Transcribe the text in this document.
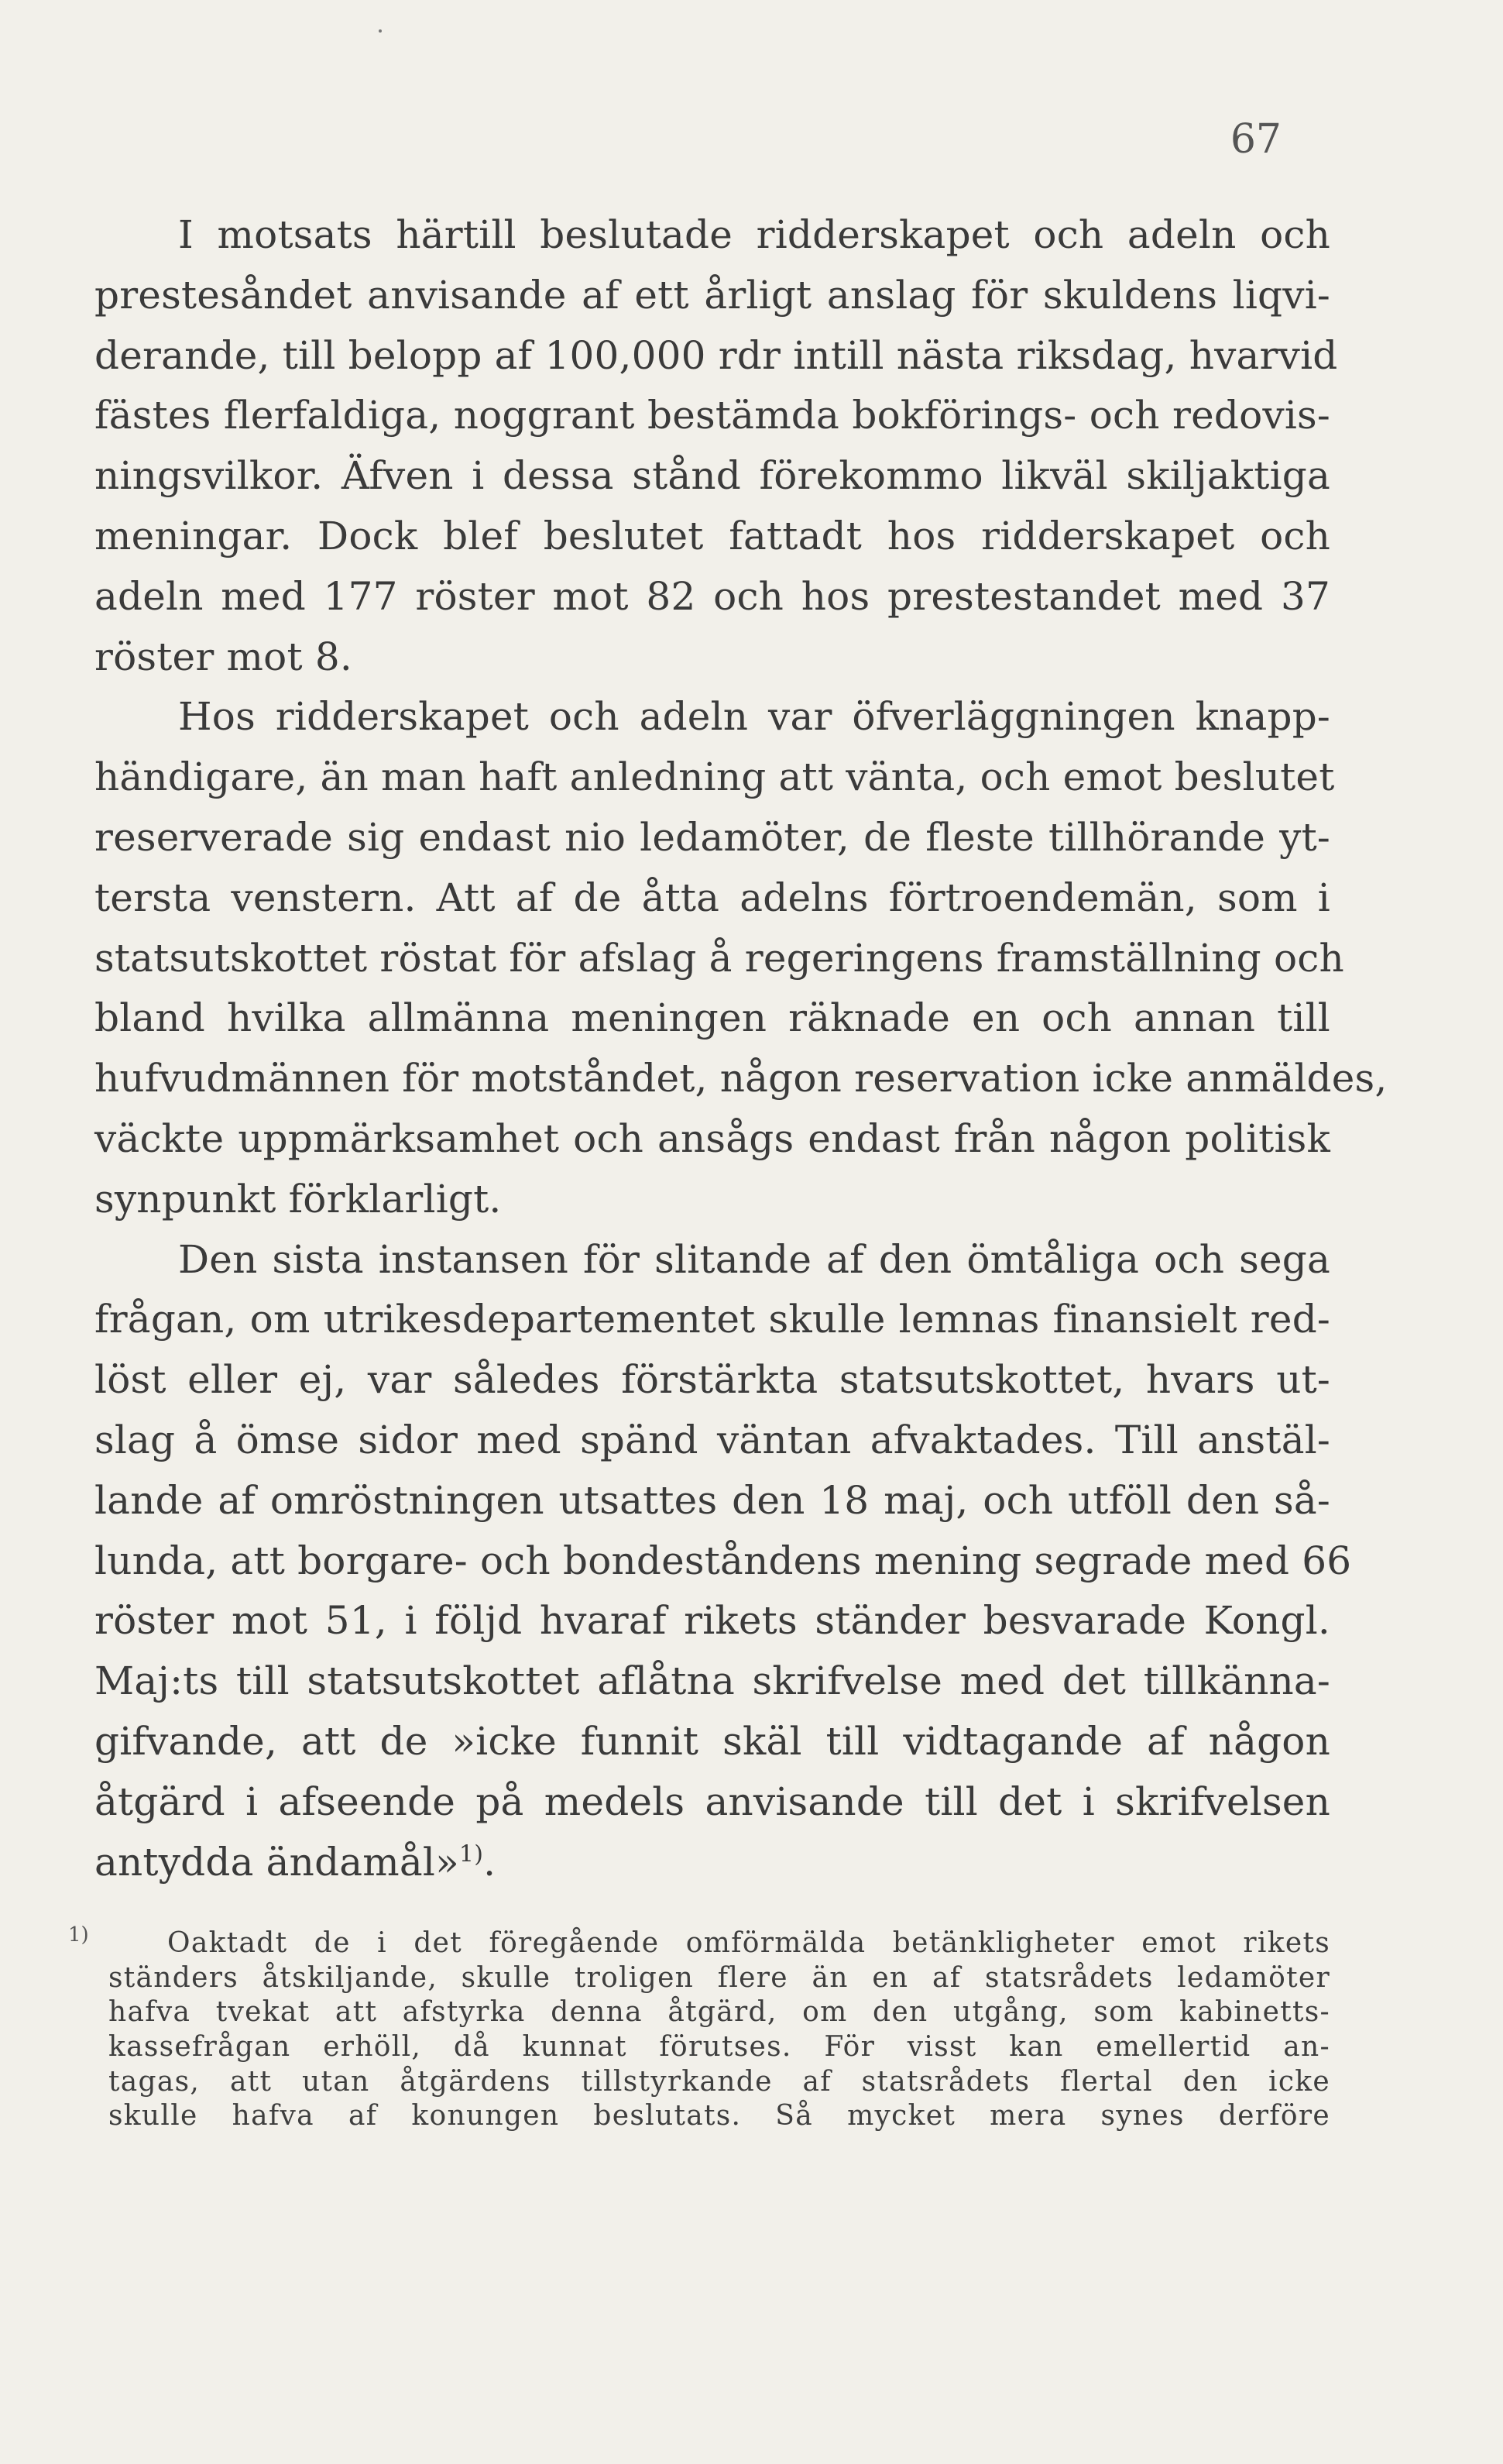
67
I motsats härtill beslutade ridderskapet och adeln och
prestesåndet anvisande af ett årligt anslag för skuldens liqvi-
derande, till belopp af 100,000 rdr intill nästa riksdag, hvarvid
fästes flerfaldiga, noggrant bestämda bokförings- och redovis-
ningsvilkor. Äfven i dessa stånd förekommo likväl skiljaktiga
meningar. Dock blef beslutet fattadt hos ridderskapet och
adeln med 177 röster mot 82 och hos prestestandet med 37
röster mot 8.
Hos ridderskapet och adeln var öfverläggningen knapp-
händigare, än man haft anledning att vänta, och emot beslutet
reserverade sig endast nio ledamöter, de fleste tillhörande yt-
tersta venstern. Att af de åtta adelns förtroendemän, som i
statsutskottet röstat för afslag å regeringens framställning och
bland hvilka allmänna meningen räknade en och annan till
hufvudmännen för motståndet, någon reservation icke anmäldes,
väckte uppmärksamhet och ansågs endast från någon politisk
synpunkt förklarligt.
Den sista instansen för slitande af den ömtåliga och sega
frågan, om utrikesdepartementet skulle lemnas finansielt red-
löst eller ej, var således förstärkta statsutskottet, hvars ut-
slag å ömse sidor med spänd väntan afvaktades. Till anstäl-
lande af omröstningen utsattes den 18 maj, och utföll den så-
lunda, att borgare- och bondeståndens mening segrade med 66
röster mot 51, i följd hvaraf rikets ständer besvarade Kongl.
Maj:ts till statsutskottet aflåtna skrifvelse med det tillkänna-
gifvande, att de »icke funnit skäl till vidtagande af någon
åtgärd i afseende på medels anvisande till det i skrifvelsen
antydda ändamål»$^{1)}$.
1)	Oaktadt de i det föregående omförmälda betänkligheter emot rikets
ständers åtskiljande, skulle troligen flere än en af statsrådets ledamöter
hafva tvekat att afstyrka denna åtgärd, om den utgång, som kabinetts-
kassefrågan erhöll, då kunnat förutses. För visst kan emellertid an-
tagas, att utan åtgärdens tillstyrkande af statsrådets flertal den icke
skulle hafva af konungen beslutats. Så mycket mera synes derföre
